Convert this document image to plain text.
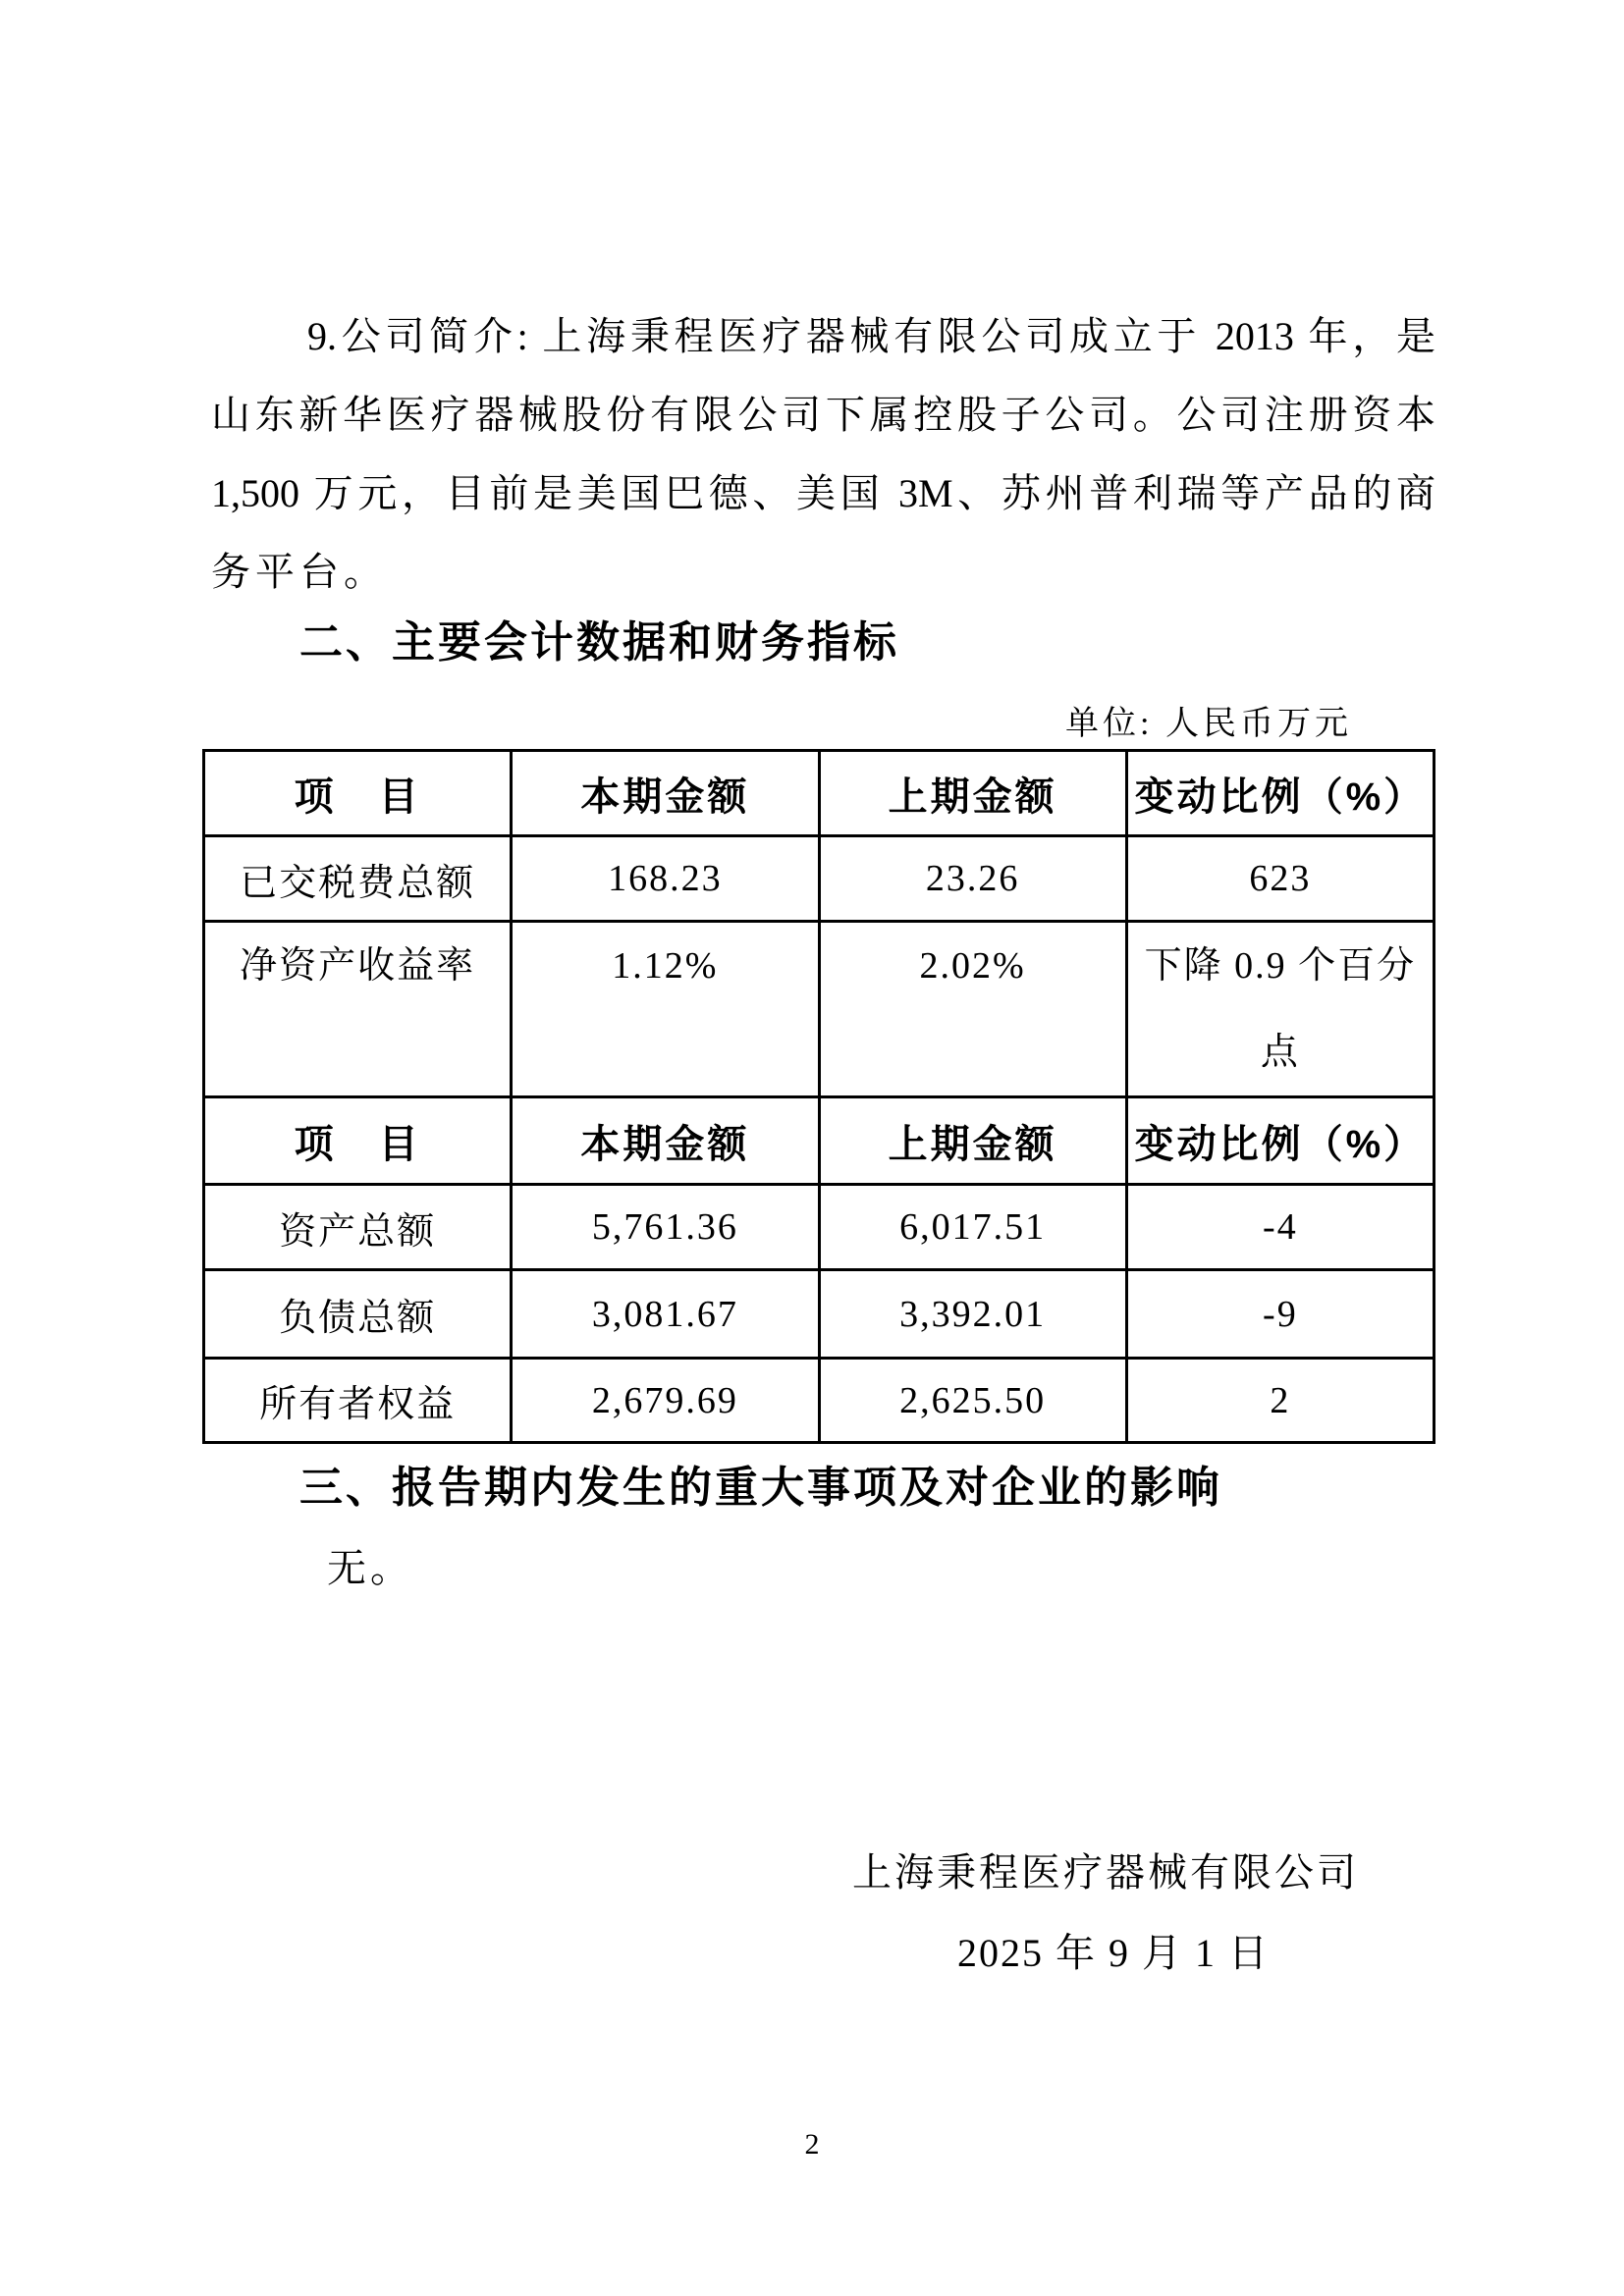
9.公司简介: 上海秉程医疗器械有限公司成立于 2013 年，是
山东新华医疗器械股份有限公司下属控股子公司。公司注册资本
1,500 万元，目前是美国巴德、美国 3M、苏州普利瑞等产品的商
务平台。
二、主要会计数据和财务指标
单位: 人民币万元
项　目	本期金额	上期金额	变动比例（%）
已交税费总额	168.23	23.26	623
净资产收益率	1.12%	2.02%	下降 0.9 个百分点
项　目	本期金额	上期金额	变动比例（%）
资产总额	5,761.36	6,017.51	-4
负债总额	3,081.67	3,392.01	-9
所有者权益	2,679.69	2,625.50	2
三、报告期内发生的重大事项及对企业的影响
无。
上海秉程医疗器械有限公司
2025 年 9 月 1 日
2
